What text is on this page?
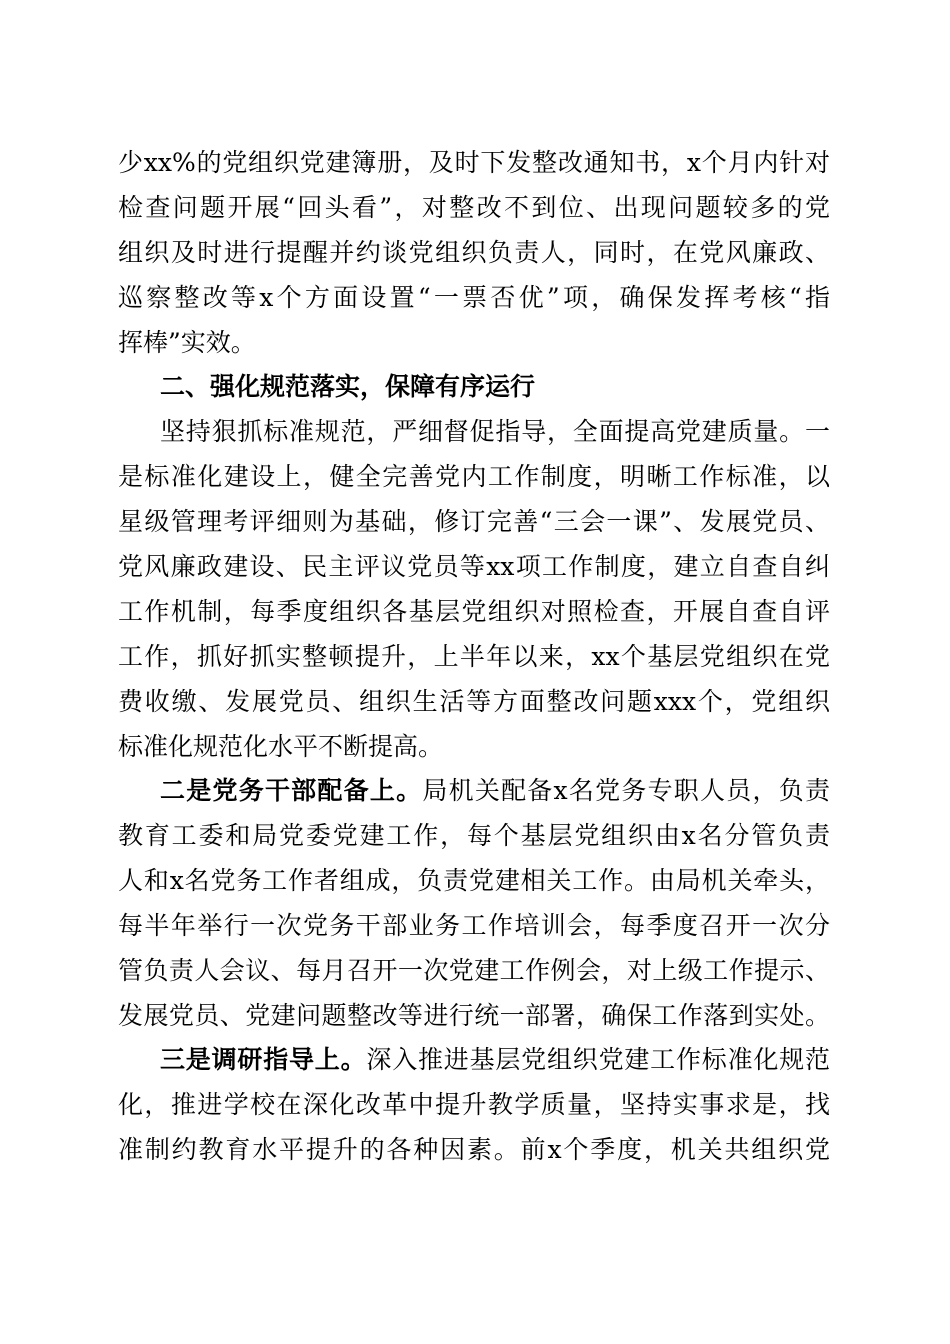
少xx%的党组织党建簿册，及时下发整改通知书，x个月内针对
检查问题开展“回头看”，对整改不到位、出现问题较多的党
组织及时进行提醒并约谈党组织负责人，同时，在党风廉政、
巡察整改等x个方面设置“一票否优”项，确保发挥考核“指
挥棒”实效。
二、强化规范落实，保障有序运行
坚持狠抓标准规范，严细督促指导，全面提高党建质量。一
是标准化建设上，健全完善党内工作制度，明晰工作标准，以
星级管理考评细则为基础，修订完善“三会一课”、发展党员、
党风廉政建设、民主评议党员等xx项工作制度，建立自查自纠
工作机制，每季度组织各基层党组织对照检查，开展自查自评
工作，抓好抓实整顿提升，上半年以来，xx个基层党组织在党
费收缴、发展党员、组织生活等方面整改问题xxx个，党组织
标准化规范化水平不断提高。
二是党务干部配备上。局机关配备x名党务专职人员，负责
教育工委和局党委党建工作，每个基层党组织由x名分管负责
人和x名党务工作者组成，负责党建相关工作。由局机关牵头，
每半年举行一次党务干部业务工作培训会，每季度召开一次分
管负责人会议、每月召开一次党建工作例会，对上级工作提示、
发展党员、党建问题整改等进行统一部署，确保工作落到实处。
三是调研指导上。深入推进基层党组织党建工作标准化规范
化，推进学校在深化改革中提升教学质量，坚持实事求是，找
准制约教育水平提升的各种因素。前x个季度，机关共组织党
